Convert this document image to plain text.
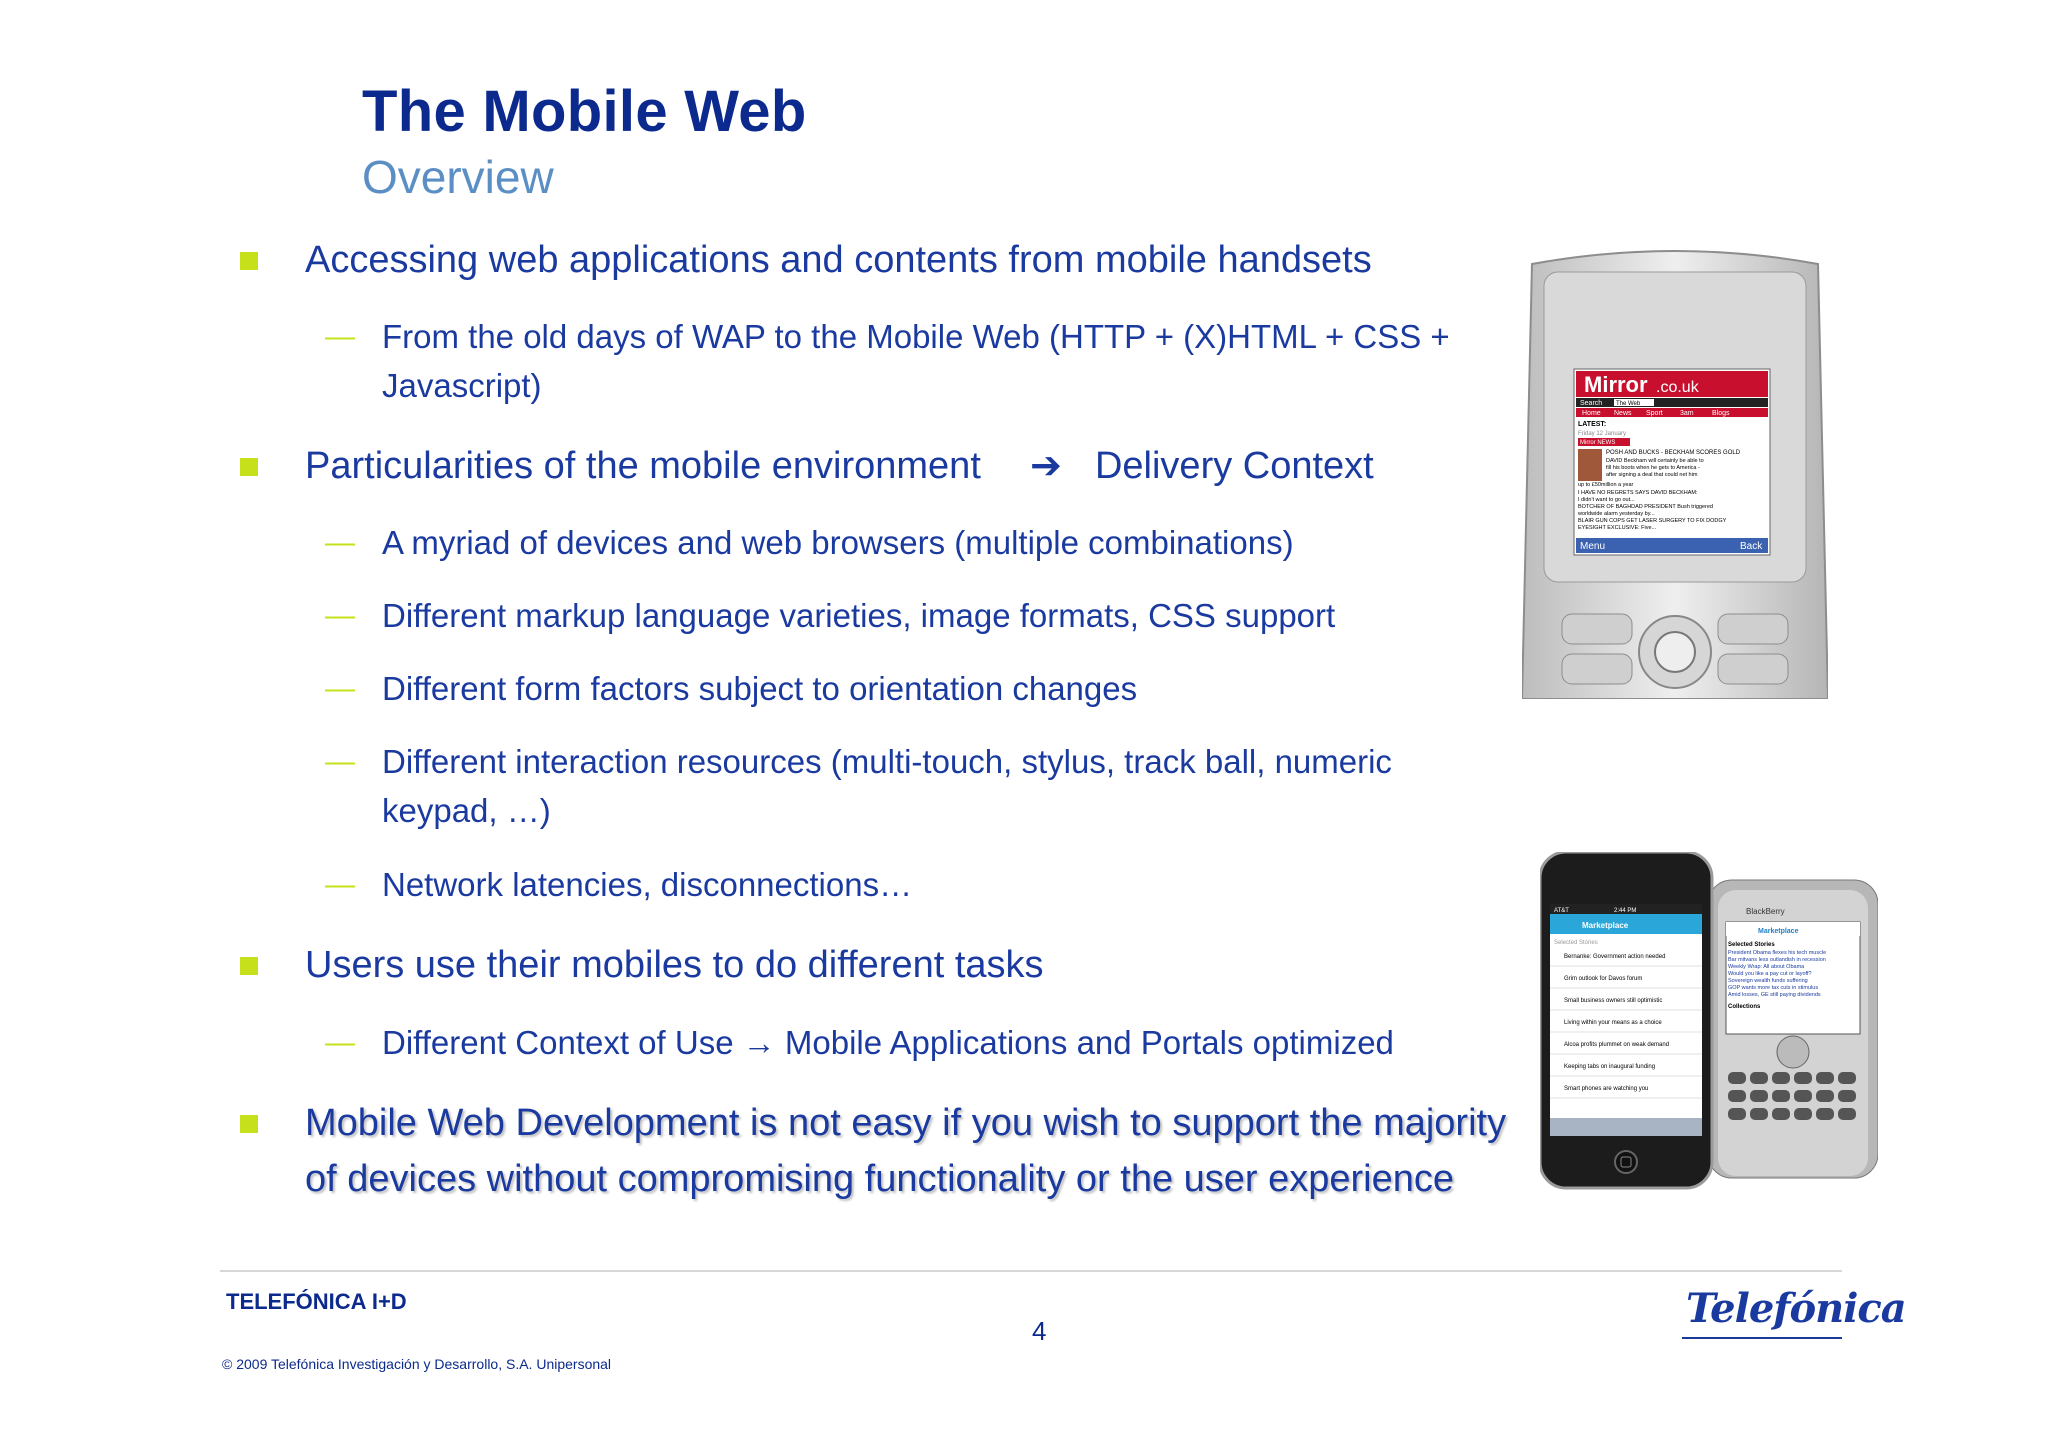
The Mobile Web
Overview
Accessing web applications and contents from mobile handsets
— From the old days of WAP to the Mobile Web (HTTP + (X)HTML + CSS + Javascript)
Particularities of the mobile environment ➔ Delivery Context
— A myriad of devices and web browsers (multiple combinations)
— Different markup language varieties, image formats, CSS support
— Different form factors subject to orientation changes
— Different interaction resources (multi-touch, stylus, track ball, numeric keypad, …)
— Network latencies, disconnections…
Users use their mobiles to do different tasks
— Different Context of Use → Mobile Applications and Portals optimized
Mobile Web Development is not easy if you wish to support the majority of devices without compromising functionality or the user experience
Mirror .co.uk
Search The Web
Home News Sport 3am	Blogs
LATEST:
Friday 12 January
Mirror NEWS
POSH AND BUCKS - BECKHAM SCORES GOLD
DAVID Beckham will certainly be able to
fill his boots when he gets to America -
after signing a deal that could net him
up to £50million a year
I HAVE NO REGRETS SAYS DAVID BECKHAM:
I didn't want to go out...
BOTCHER OF BAGHDAD PRESIDENT Bush triggered
worldwide alarm yesterday by...
BLAIR GUN COPS GET LASER SURGERY TO FIX DODGY
EYESIGHT EXCLUSIVE: Five...
Menu	Back
BlackBerry
Marketplace
Selected Stories
President Obama flexes his tech muscle
Bar mitvans less outlandish in recession
Weekly Wrap: All about Obama
Would you like a pay cut or layoff?
Sovereign wealth funds suffering
GOP wants more tax cuts in stimulus
Amid losses, GE still paying dividends
Collections
AT&T	2:44 PM
Marketplace
Selected Stories
Bernanke: Government action needed
Grim outlook for Davos forum
Small business owners still optimistic
Living within your means as a choice
Alcoa profits plummet on weak demand
Keeping tabs on inaugural funding
Smart phones are watching you
TELEFÓNICA I+D
4
© 2009 Telefónica Investigación y Desarrollo, S.A. Unipersonal
Telefónica
